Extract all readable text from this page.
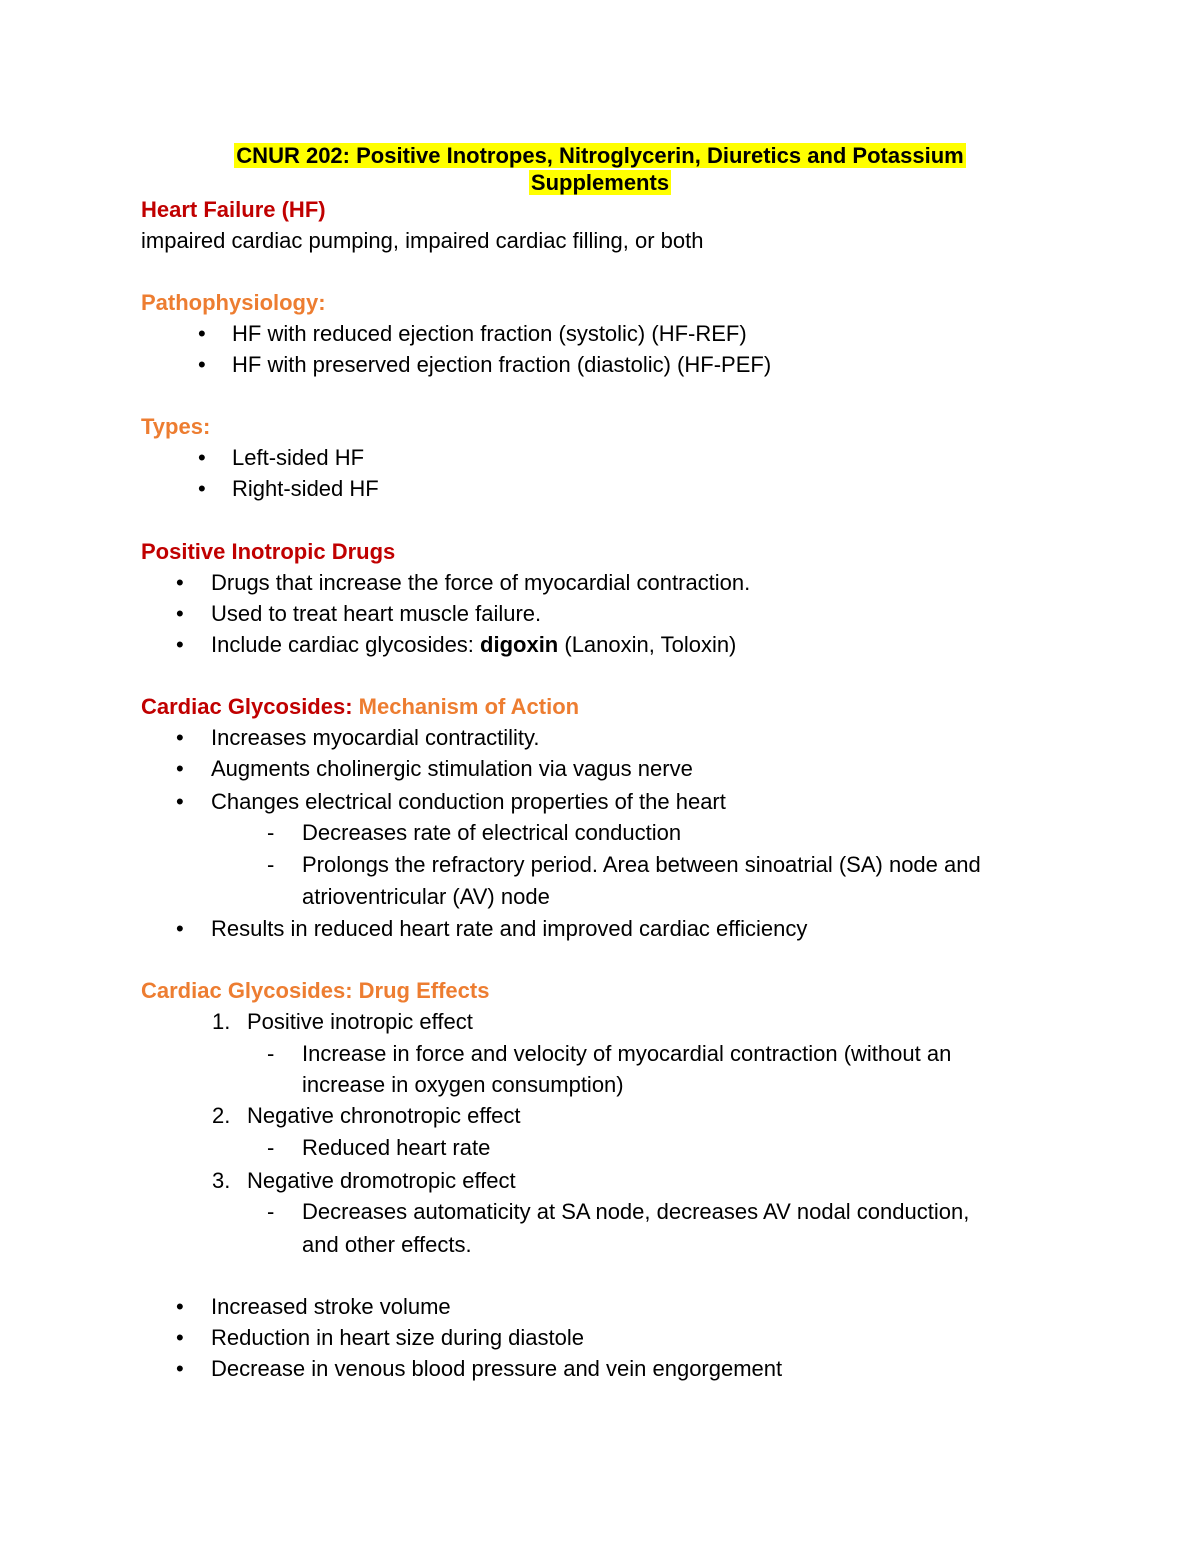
CNUR 202: Positive Inotropes, Nitroglycerin, Diuretics and Potassium
Supplements
Heart Failure (HF)
impaired cardiac pumping, impaired cardiac filling, or both
Pathophysiology:
• HF with reduced ejection fraction (systolic) (HF-REF)
• HF with preserved ejection fraction (diastolic) (HF-PEF)
Types:
• Left-sided HF
• Right-sided HF
Positive Inotropic Drugs
• Drugs that increase the force of myocardial contraction.
• Used to treat heart muscle failure.
• Include cardiac glycosides: digoxin (Lanoxin, Toloxin)
Cardiac Glycosides: Mechanism of Action
• Increases myocardial contractility.
• Augments cholinergic stimulation via vagus nerve
• Changes electrical conduction properties of the heart
- Decreases rate of electrical conduction
- Prolongs the refractory period. Area between sinoatrial (SA) node and
atrioventricular (AV) node
• Results in reduced heart rate and improved cardiac efficiency
Cardiac Glycosides: Drug Effects
1. Positive inotropic effect
- Increase in force and velocity of myocardial contraction (without an
increase in oxygen consumption)
2. Negative chronotropic effect
- Reduced heart rate
3. Negative dromotropic effect
- Decreases automaticity at SA node, decreases AV nodal conduction,
and other effects.
• Increased stroke volume
• Reduction in heart size during diastole
• Decrease in venous blood pressure and vein engorgement
